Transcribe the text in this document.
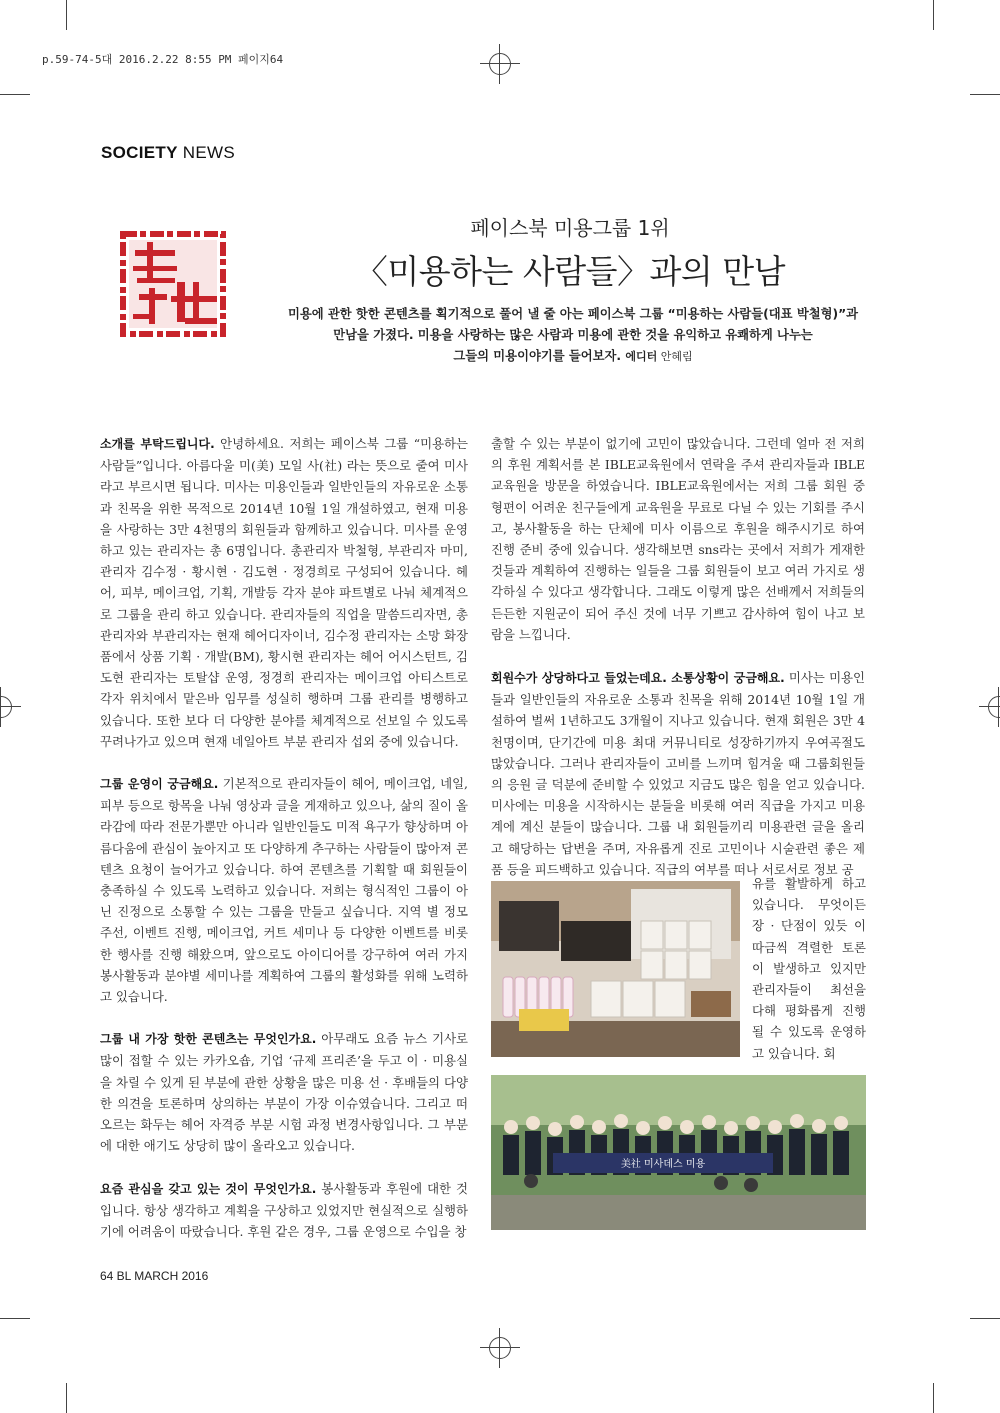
p.59-74-5대 2016.2.22 8:55 PM 페이지64
SOCIETY NEWS
페이스북 미용그룹 1위
〈미용하는 사람들〉과의 만남
미용에 관한 핫한 콘텐츠를 획기적으로 풀어 낼 줄 아는 페이스북 그룹 “미용하는 사람들(대표 박철형)”과
만남을 가졌다. 미용을 사랑하는 많은 사람과 미용에 관한 것을 유익하고 유쾌하게 나누는
그들의 미용이야기를 들어보자. 에디터 안혜림

소개를 부탁드립니다. 안녕하세요. 저희는 페이스북 그룹 “미용하는 사람들”입니다. 아름다울 미(美) 모일 사(社) 라는 뜻으로 줄여 미사라고 부르시면 됩니다. 미사는 미용인들과 일반인들의 자유로운 소통과 친목을 위한 목적으로 2014년 10월 1일 개설하였고, 현재 미용을 사랑하는 3만 4천명의 회원들과 함께하고 있습니다. 미사를 운영하고 있는 관리자는 총 6명입니다. 총관리자 박철형, 부관리자 마미, 관리자 김수정 · 황시현 · 김도현 · 정경희로 구성되어 있습니다. 헤어, 피부, 메이크업, 기획, 개발등 각자 분야 파트별로 나눠 체계적으로 그룹을 관리 하고 있습니다. 관리자들의 직업을 말씀드리자면, 총관리자와 부관리자는 현재 헤어디자이너, 김수정 관리자는 소망 화장품에서 상품 기획 · 개발(BM), 황시현 관리자는 헤어 어시스턴트, 김도현 관리자는 토탈샵 운영, 정경희 관리자는 메이크업 아티스트로 각자 위치에서 맡은바 임무를 성실히 행하며 그룹 관리를 병행하고 있습니다. 또한 보다 더 다양한 분야를 체계적으로 선보일 수 있도록 꾸려나가고 있으며 현재 네일아트 부분 관리자 섭외 중에 있습니다.

그룹 운영이 궁금해요. 기본적으로 관리자들이 헤어, 메이크업, 네일, 피부 등으로 항목을 나눠 영상과 글을 게재하고 있으나, 삶의 질이 올라감에 따라 전문가뿐만 아니라 일반인들도 미적 욕구가 향상하며 아름다움에 관심이 높아지고 또 다양하게 추구하는 사람들이 많아져 콘텐츠 요청이 늘어가고 있습니다. 하여 콘텐츠를 기획할 때 회원들이 충족하실 수 있도록 노력하고 있습니다. 저희는 형식적인 그룹이 아닌 진정으로 소통할 수 있는 그룹을 만들고 싶습니다. 지역 별 정모 주선, 이벤트 진행, 메이크업, 커트 세미나 등 다양한 이벤트를 비롯한 행사를 진행 해왔으며, 앞으로도 아이디어를 강구하여 여러 가지 봉사활동과 분야별 세미나를 계획하여 그룹의 활성화를 위해 노력하고 있습니다.

그룹 내 가장 핫한 콘텐츠는 무엇인가요. 아무래도 요즘 뉴스 기사로 많이 접할 수 있는 카카오숍, 기업 ‘규제 프리존’을 두고 이 · 미용실을 차릴 수 있게 된 부분에 관한 상황을 많은 미용 선 · 후배들의 다양한 의견을 토론하며 상의하는 부분이 가장 이슈였습니다. 그리고 떠오르는 화두는 헤어 자격증 부분 시험 과정 변경사항입니다. 그 부분에 대한 애기도 상당히 많이 올라오고 있습니다.

요즘 관심을 갖고 있는 것이 무엇인가요. 봉사활동과 후원에 대한 것입니다. 항상 생각하고 계획을 구상하고 있었지만 현실적으로 실행하기에 어려움이 따랐습니다. 후원 같은 경우, 그룹 운영으로 수입을 창

출할 수 있는 부분이 없기에 고민이 많았습니다. 그런데 얼마 전 저희의 후원 계획서를 본 IBLE교육원에서 연락을 주셔 관리자들과 IBLE교육원을 방문을 하였습니다. IBLE교육원에서는 저희 그룹 회원 중 형편이 어려운 친구들에게 교육원을 무료로 다닐 수 있는 기회를 주시고, 봉사활동을 하는 단체에 미사 이름으로 후원을 해주시기로 하여 진행 준비 중에 있습니다. 생각해보면 sns라는 곳에서 저희가 게재한 것들과 계획하여 진행하는 일들을 그룹 회원들이 보고 여러 가지로 생각하실 수 있다고 생각합니다. 그래도 이렇게 많은 선배께서 저희들의 든든한 지원군이 되어 주신 것에 너무 기쁘고 감사하여 힘이 나고 보람을 느낍니다.

회원수가 상당하다고 들었는데요. 소통상황이 궁금해요. 미사는 미용인들과 일반인들의 자유로운 소통과 친목을 위해 2014년 10월 1일 개설하여 벌써 1년하고도 3개월이 지나고 있습니다. 현재 회원은 3만 4천명이며, 단기간에 미용 최대 커뮤니티로 성장하기까지 우여곡절도 많았습니다. 그러나 관리자들이 고비를 느끼며 힘겨울 때 그룹회원들의 응원 글 덕분에 준비할 수 있었고 지금도 많은 힘을 얻고 있습니다. 미사에는 미용을 시작하시는 분들을 비롯해 여러 직급을 가지고 미용계에 계신 분들이 많습니다. 그룹 내 회원들끼리 미용관련 글을 올리고 해당하는 답변을 주며, 자유롭게 진로 고민이나 시술관련 좋은 제품 등을 피드백하고 있습니다. 직급의 여부를 떠나 서로서로 정보 공

유를 활발하게 하고 있습니다. 무엇이든 장 · 단점이 있듯 이 따금씩 격렬한 토론이 발생하고 있지만 관리자들이 최선을 다해 평화롭게 진행될 수 있도록 운영하고 있습니다. 회
美社 미사데스 미용
64 BL MARCH 2016
